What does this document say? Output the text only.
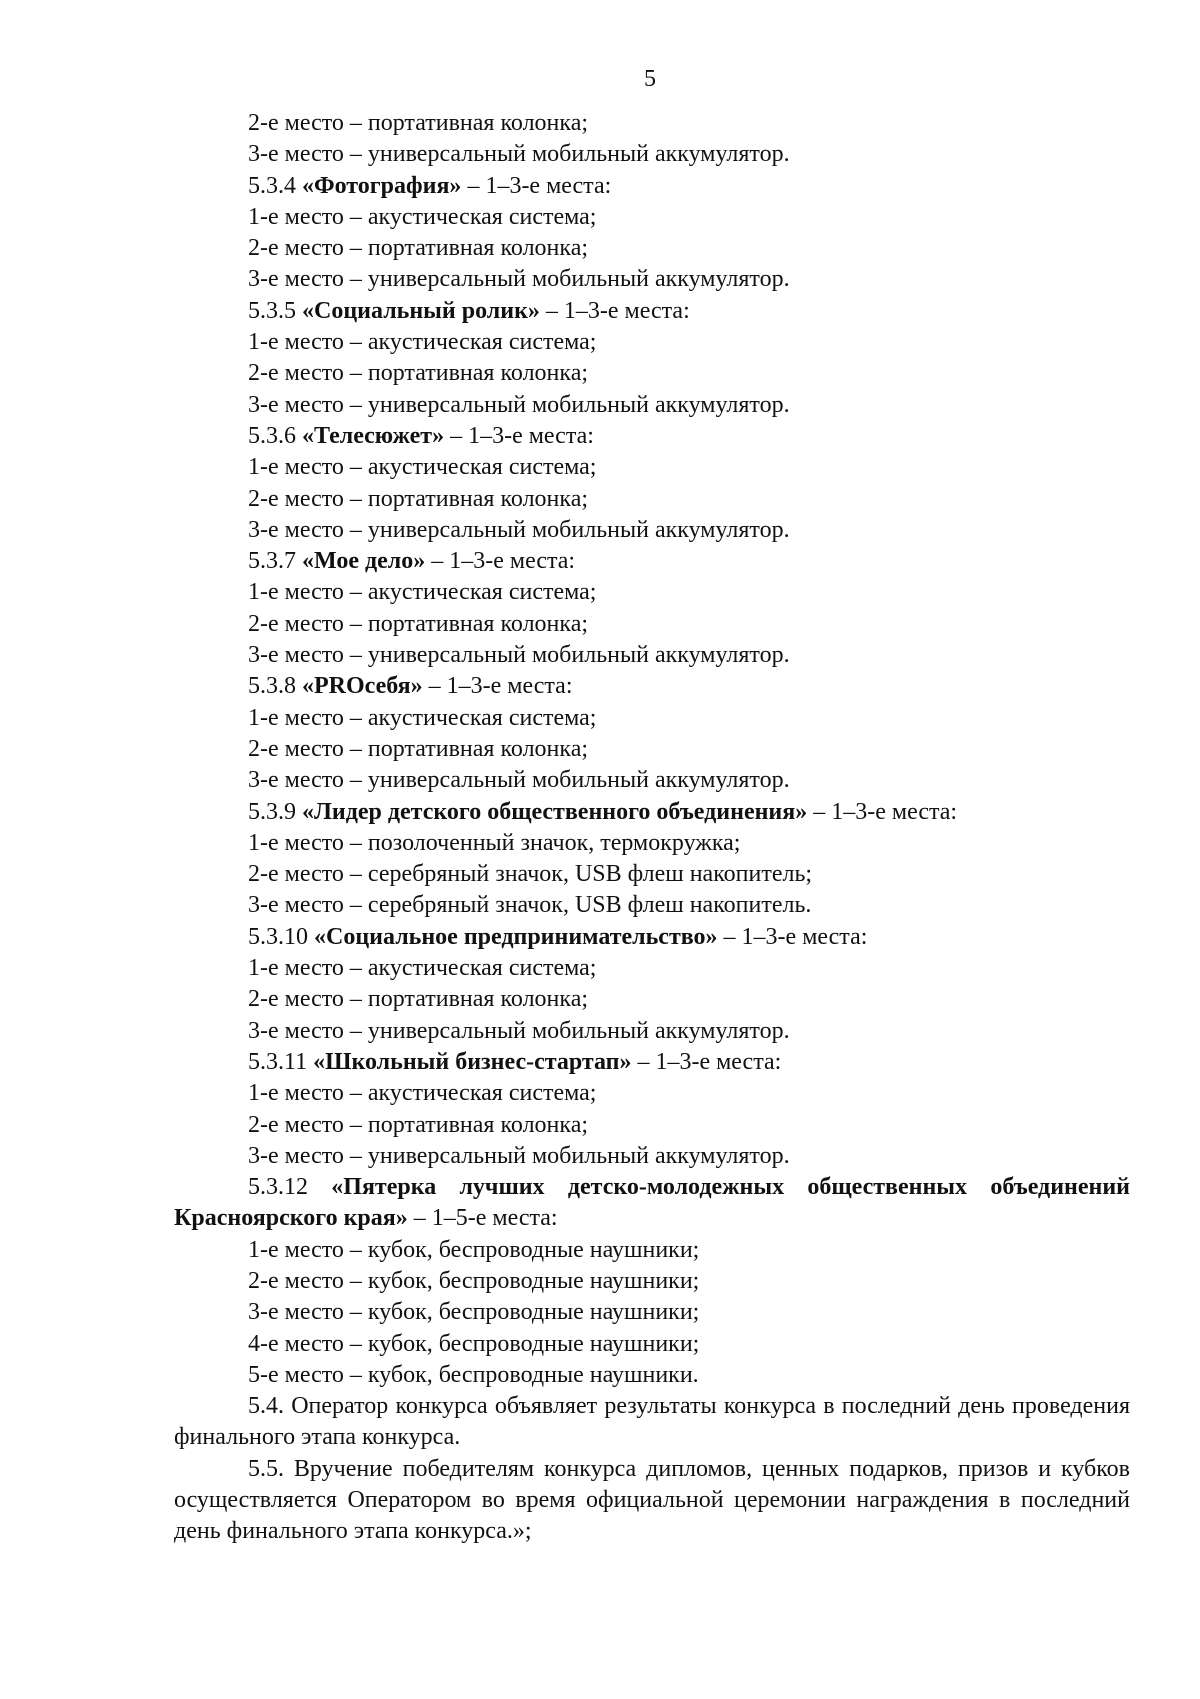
5
2-е место – портативная колонка;
3-е место – универсальный мобильный аккумулятор.
5.3.4 «Фотография» – 1–3-е места:
1-е место – акустическая система;
2-е место – портативная колонка;
3-е место – универсальный мобильный аккумулятор.
5.3.5 «Социальный ролик» – 1–3-е места:
1-е место – акустическая система;
2-е место – портативная колонка;
3-е место – универсальный мобильный аккумулятор.
5.3.6 «Телесюжет» – 1–3-е места:
1-е место – акустическая система;
2-е место – портативная колонка;
3-е место – универсальный мобильный аккумулятор.
5.3.7 «Мое дело» – 1–3-е места:
1-е место – акустическая система;
2-е место – портативная колонка;
3-е место – универсальный мобильный аккумулятор.
5.3.8 «PROсебя» – 1–3-е места:
1-е место – акустическая система;
2-е место – портативная колонка;
3-е место – универсальный мобильный аккумулятор.
5.3.9 «Лидер детского общественного объединения» – 1–3-е места:
1-е место – позолоченный значок, термокружка;
2-е место – серебряный значок, USB флеш накопитель;
3-е место – серебряный значок, USB флеш накопитель.
5.3.10 «Социальное предпринимательство» – 1–3-е места:
1-е место – акустическая система;
2-е место – портативная колонка;
3-е место – универсальный мобильный аккумулятор.
5.3.11 «Школьный бизнес-стартап» – 1–3-е места:
1-е место – акустическая система;
2-е место – портативная колонка;
3-е место – универсальный мобильный аккумулятор.
5.3.12 «Пятерка лучших детско-молодежных общественных объединений Красноярского края» – 1–5-е места:
1-е место – кубок, беспроводные наушники;
2-е место – кубок, беспроводные наушники;
3-е место – кубок, беспроводные наушники;
4-е место – кубок, беспроводные наушники;
5-е место – кубок, беспроводные наушники.
5.4. Оператор конкурса объявляет результаты конкурса в последний день проведения финального этапа конкурса.
5.5. Вручение победителям конкурса дипломов, ценных подарков, призов и кубков осуществляется Оператором во время официальной церемонии награждения в последний день финального этапа конкурса.»;
